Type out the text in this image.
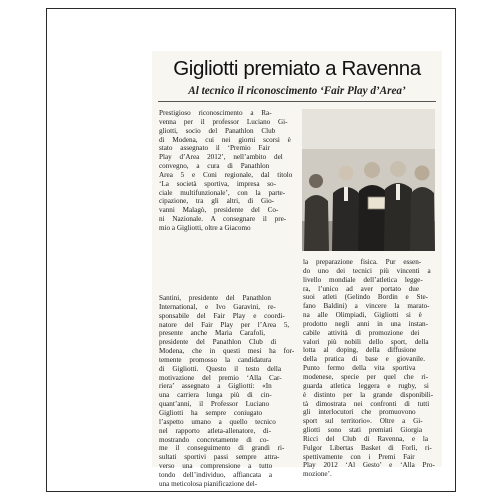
Gigliotti premiato a Ravenna
Al tecnico il riconoscimento ‘Fair Play d’Area’
Prestigioso riconoscimento a Ra-
venna per il professor Luciano Gi-
gliotti, socio del Panathlon Club
di Modena, cui nei giorni scorsi è
stato assegnato il ‘Premio Fair
Play d’Area 2012’, nell’ambito del
convegno, a cura di Panathlon
Area 5 e Coni regionale, dal titolo
‘La società sportiva, impresa so-
ciale multifunzionale’, con la parte-
cipazione, tra gli altri, di Gio-
vanni Malagò, presidente del Co-
ni Nazionale. A consegnare il pre-
mio a Gigliotti, oltre a Giacomo
Santini, presidente del Panathlon
International, e Ivo Garavini, re-
sponsabile del Fair Play e coordi-
natore del Fair Play per l’Area 5,
presente anche Maria Carafoli,
presidente del Panathlon Club di
Modena, che in questi mesi ha for-
temente promosso la candidatura
di Gigliotti. Questo il testo della
motivazione del premio ‘Alla Car-
riera’ assegnato a Gigliotti: «In
una carriera lunga più di cin-
quant’anni, il Professor Luciano
Gigliotti ha sempre coniugato
l’aspetto umano a quello tecnico
nel rapporto atleta-allenatore, di-
mostrando concretamente di co-
me il conseguimento di grandi ri-
sultati sportivi passi sempre attra-
verso una comprensione a tutto
tondo dell’individuo, affiancata a
una meticolosa pianificazione del-
la preparazione fisica. Pur essen-
do uno dei tecnici più vincenti a
livello mondiale dell’atletica legge-
ra, l’unico ad aver portato due
suoi atleti (Gelindo Bordin e Ste-
fano Baldini) a vincere la marato-
na alle Olimpiadi, Gigliotti si è
prodotto negli anni in una instan-
cabile attività di promozione dei
valori più nobili dello sport, della
lotta al doping, della diffusione
della pratica di base e giovanile.
Punto fermo della vita sportiva
modenese, specie per quel che ri-
guarda atletica leggera e rugby, si
è distinto per la grande disponibili-
tà dimostrata nei confronti di tutti
gli interlocutori che promuovono
sport sul territorio». Oltre a Gi-
gliotti sono stati premiati Giorgia
Ricci del Club di Ravenna, e la
Fulgor Libertas Basket di Forlì, ri-
spettivamente con i Premi Fair
Play 2012 ‘Al Gesto’ e ‘Alla Pro-
mozione’.
